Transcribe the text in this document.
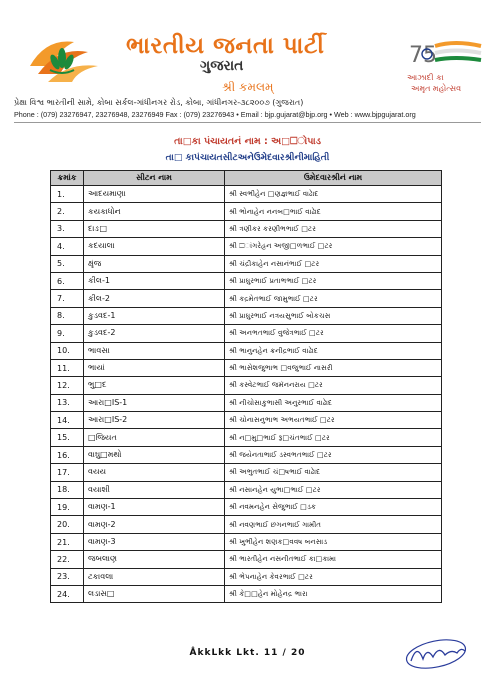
ભારતીય જનતા પાર્ટી
ગુજરાત
શ્રી કમલમ્
75
આઝાદી કા
અમૃત મહોત્સવ
પ્રેક્ષા વિશ્વ ભારતીની સામે, કોબા સર્કલ-ગાંધીનગર રોડ, કોબા, ગાંધીનગર-૩૮૨૦૦૭ (ગુજરાત)
Phone : (079) 23276947, 23276948, 23276949 Fax : (079) 23276943 • Email : bjp.gujarat@bjp.org • Web : www.bjpgujarat.org
તા□કા પંચાયતનં નામ : અ□□ોપાડ
તા□ કાપંચાયતસીટઅનેઉમેદવારશ્રીનીમાહિતી
ક્રમાંક	સીટન નામ	ઉમેદવારશ્રીનં નામ
1.	આદયમાણા	શ્રી સ્વભીહેન □ણજ્ઞભાઈ વાઢેાદ
2.	કયકાધોન	શ્રી ભોનાહેન નનબ□ભાઈ વાઢેાદ
3.	દાઙ□	શ્રી ત્રણીકર કરણીભભાઈ □ટર
4.	કદયાલા	શ્રી □ાંગરેહૃન અજી□ળભાઈ □ટર
5.	ક્ષૃંજ	શ્રી ચંદ્રીકાહેન નસાનંભાઈ □ટર
6.	કીલ-1	શ્રી પ્રાઘુરભાઈ પ્રતાભભાઈ □ટર
7.	કીલ-2	શ્રી કદ્રમેતભાઈ જામુભાઈ □ટર
8.	કુડવદ-1	શ્રી પ્રાઘુરભાઈ નત્રયસુભાઈ બોકચસ
9.	કુડવદ-2	શ્રી અનભતભાઈ વુજેત્રભાઈ □ટર
10.	ભાવસા	શ્રી ભાનુનહેન ક્રનીદ્રભાઈ વાઢેાદ
11.	ભાયાં	શ્રી ભાસેશજુભાભ □વજુભાઈ નાસરી
12.	ભુ□દ	શ્રી કસ્વેટભાઈ જમૅનનરાય □ટર
13.	આરા□IS-1	શ્રી નીચોસાકુભાસી અનુરભાઈ વાઢેાદ
14.	આરા□IS-2	શ્રી ચોનાસનુભાભ અભયતભાઈ □ટર
15.	□જિયત	શ્રી ન□મુ□ભાઈ રૂ□ચંતભાઈ □ટર
16.	વાઘુ□મથો	શ્રી જયેનતાભાઈ ડસ્વભતભાઈ □ટર
17.	વયય	શ્રી અભુતભાઈ ચં□ષભાઈ વાઢેાદ
18.	વયાશી	શ્રી નસાનહેન યુભા□ભાઈ □ટર
19.	વામણ-1	શ્રી નવમનહેન સેજુભાઈ □ડક
20.	વામણ-2	શ્રી નવણભાઈ છગનભાઈ ગામીત
21.	વામણ-3	શ્રી ખુભીહેન શણક□વવષ બનસાડ
22.	જબલાણ	શ્રી ભારતીહેન નસનીતભાઈ કા□કામા
23.	ટકાવલા	શ્રી ભેપનાહેન કેવરભાઈ □ટર
24.	લડાસ□	શ્રી કે□□હેન મોહેનદ્ર ભારા
ÅkkLkk Lkt. 11 / 20
